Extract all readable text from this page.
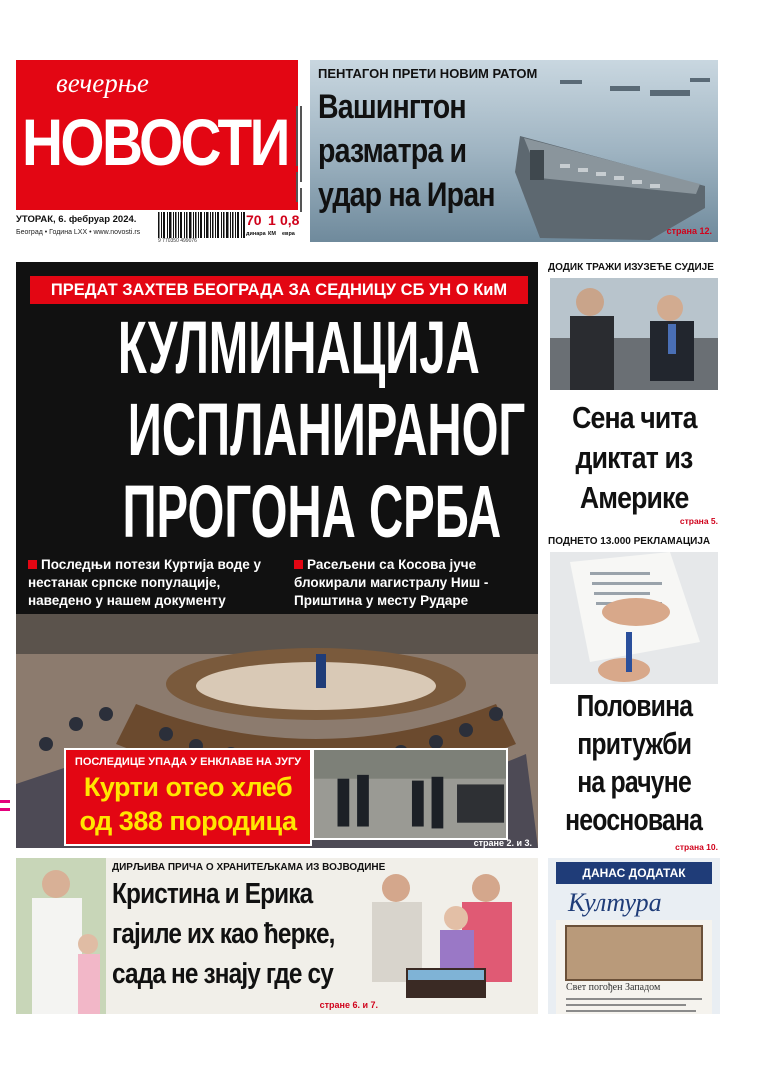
вечерње
НОВОСТИ
УТОРАК, 6. фебруар 2024.
Београд • Година LXX • www.novosti.rs
9 770350 499076
70
динара
1
КМ
0,8
евра
ПЕНТАГОН ПРЕТИ НОВИМ РАТОМ
Вашингтон
разматра и
удар на Иран
страна 12.
ПРЕДАТ ЗАХТЕВ БЕОГРАДА ЗА СЕДНИЦУ СБ УН О КиМ
КУЛМИНАЦИЈА
ИСПЛАНИРАНОГ
ПРОГОНА СРБА
Последњи потези Куртија воде у нестанак српске популације, наведено у нашем документу
Расељени са Косова јуче блокирали магистралу Ниш - Приштина у месту Рударе
ПОСЛЕДИЦЕ УПАДА У ЕНКЛАВЕ НА ЈУГУ
Курти отео хлеб
од 388 породица
стране 2. и 3.
ДОДИК ТРАЖИ ИЗУЗЕЋЕ СУДИЈЕ
Сена чита
диктат из
Америке
страна 5.
ПОДНЕТО 13.000 РЕКЛАМАЦИЈА
Половина
притужби
на рачуне
неоснована
страна 10.
ДИРЉИВА ПРИЧА О ХРАНИТЕЉКАМА ИЗ ВОЈВОДИНЕ
Кристина и Ерика
гајиле их као ћерке,
сада не знају где су
стране 6. и 7.
ДАНАС ДОДАТАК
Култура
Свет погођен Западом
